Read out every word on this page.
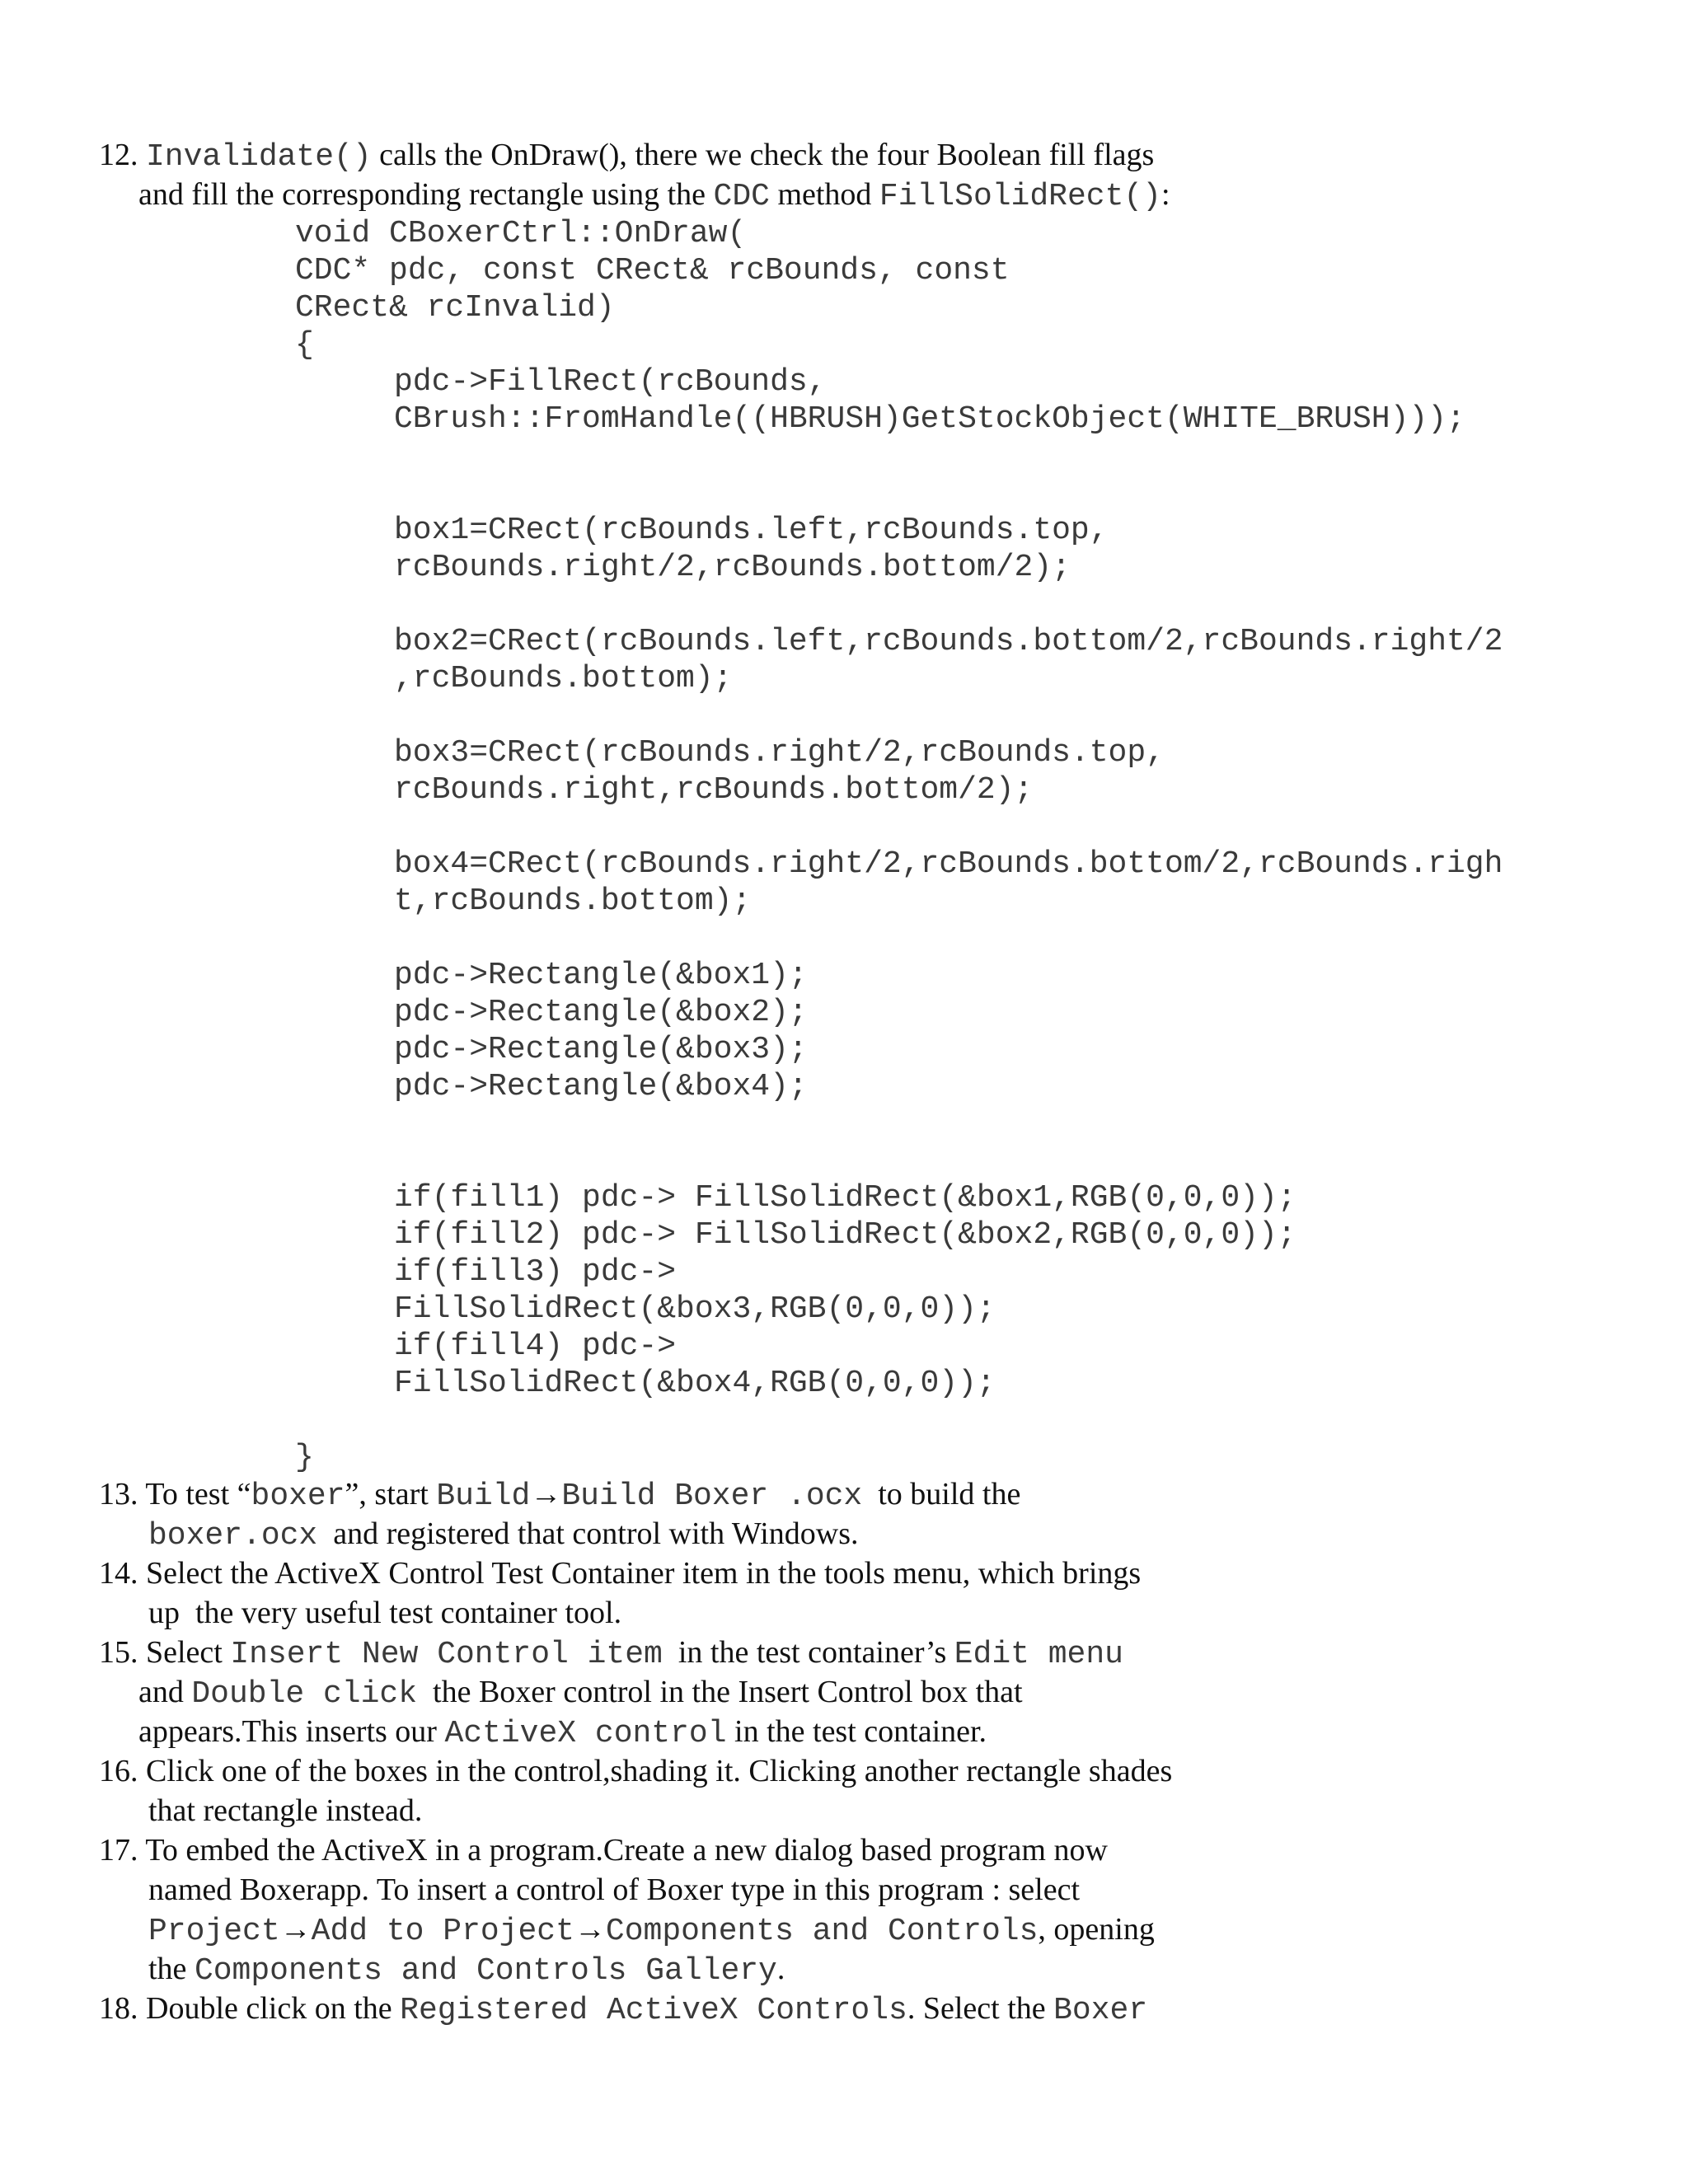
12. Invalidate() calls the OnDraw(), there we check the four Boolean fill flags
and fill the corresponding rectangle using the CDC method FillSolidRect():
void CBoxerCtrl::OnDraw(
CDC* pdc, const CRect& rcBounds, const
CRect& rcInvalid)
{
pdc->FillRect(rcBounds,
CBrush::FromHandle((HBRUSH)GetStockObject(WHITE_BRUSH)));
box1=CRect(rcBounds.left,rcBounds.top,
rcBounds.right/2,rcBounds.bottom/2);
box2=CRect(rcBounds.left,rcBounds.bottom/2,rcBounds.right/2
,rcBounds.bottom);
box3=CRect(rcBounds.right/2,rcBounds.top,
rcBounds.right,rcBounds.bottom/2);
box4=CRect(rcBounds.right/2,rcBounds.bottom/2,rcBounds.righ
t,rcBounds.bottom);
pdc->Rectangle(&box1);
pdc->Rectangle(&box2);
pdc->Rectangle(&box3);
pdc->Rectangle(&box4);
if(fill1) pdc-> FillSolidRect(&box1,RGB(0,0,0));
if(fill2) pdc-> FillSolidRect(&box2,RGB(0,0,0));
if(fill3) pdc->
FillSolidRect(&box3,RGB(0,0,0));
if(fill4) pdc->
FillSolidRect(&box4,RGB(0,0,0));
}
13. To test “boxer”, start Build→Build Boxer .ocx  to build the
boxer.ocx  and registered that control with Windows.
14. Select the ActiveX Control Test Container item in the tools menu, which brings
up  the very useful test container tool.
15. Select Insert New Control item  in the test container’s Edit menu
and Double click  the Boxer control in the Insert Control box that
appears.This inserts our ActiveX control in the test container.
16. Click one of the boxes in the control,shading it. Clicking another rectangle shades
that rectangle instead.
17. To embed the ActiveX in a program.Create a new dialog based program now
named Boxerapp. To insert a control of Boxer type in this program : select
Project→Add to Project→Components and Controls, opening
the Components and Controls Gallery.
18. Double click on the Registered ActiveX Controls. Select the Boxer
